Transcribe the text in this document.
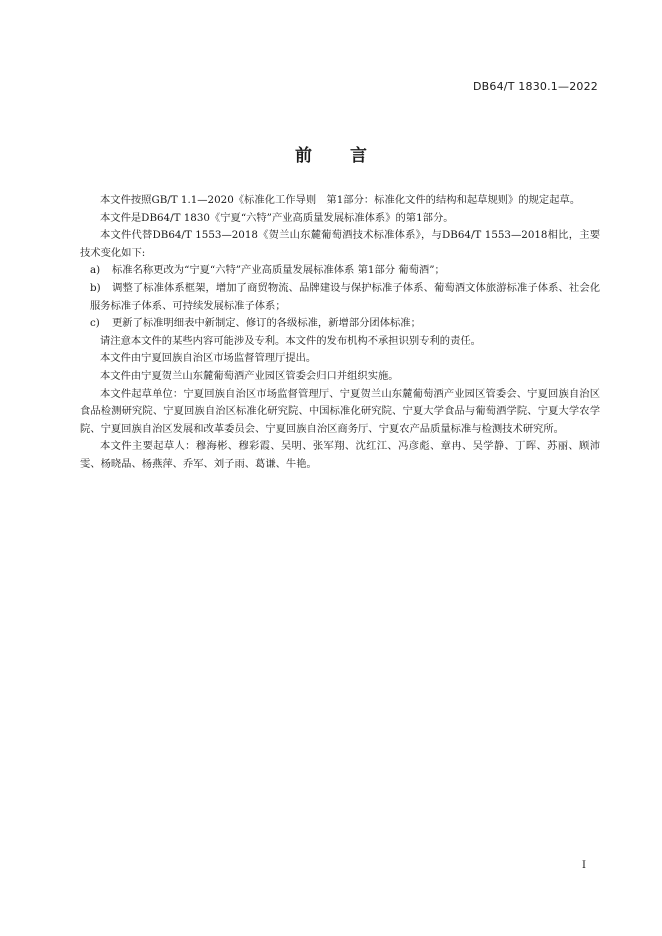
DB64/T 1830.1—2022
前 言

本文件按照GB/T 1.1—2020《标准化工作导则　第1部分：标准化文件的结构和起草规则》的规定起草。

本文件是DB64/T 1830《宁夏“六特”产业高质量发展标准体系》的第1部分。

本文件代替DB64/T 1553—2018《贺兰山东麓葡萄酒技术标准体系》，与DB64/T 1553—2018相比，主要技术变化如下:

a) 标准名称更改为“宁夏“六特”产业高质量发展标准体系 第1部分 葡萄酒”；

b) 调整了标准体系框架，增加了商贸物流、品牌建设与保护标准子体系、葡萄酒文体旅游标准子体系、社会化服务标准子体系、可持续发展标准子体系；

c) 更新了标准明细表中新制定、修订的各级标准，新增部分团体标准；

请注意本文件的某些内容可能涉及专利。本文件的发布机构不承担识别专利的责任。

本文件由宁夏回族自治区市场监督管理厅提出。

本文件由宁夏贺兰山东麓葡萄酒产业园区管委会归口并组织实施。

本文件起草单位：宁夏回族自治区市场监督管理厅、宁夏贺兰山东麓葡萄酒产业园区管委会、宁夏回族自治区食品检测研究院、宁夏回族自治区标准化研究院、中国标准化研究院、宁夏大学食品与葡萄酒学院、宁夏大学农学院、宁夏回族自治区发展和改革委员会、宁夏回族自治区商务厅、宁夏农产品质量标准与检测技术研究所。

本文件主要起草人：穆海彬、穆彩霞、吴明、张军翔、沈红江、冯彦彪、章冉、吴学静、丁晖、苏丽、顾沛雯、杨晓晶、杨燕萍、乔军、刘子雨、葛谦、牛艳。

I
